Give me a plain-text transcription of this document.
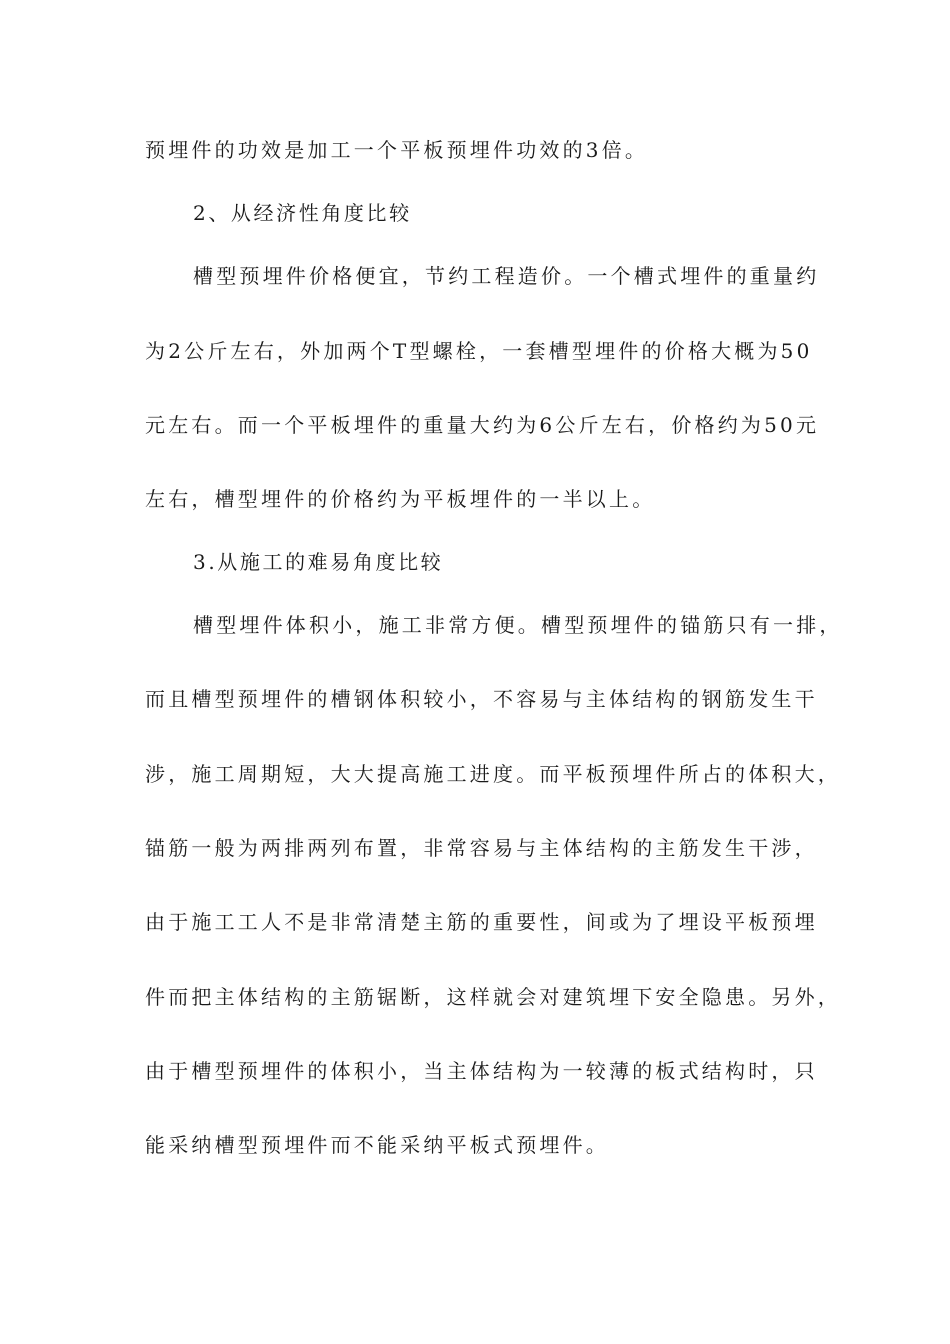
预埋件的功效是加工一个平板预埋件功效的3倍。
2、从经济性角度比较
槽型预埋件价格便宜，节约工程造价。一个槽式埋件的重量约
为2公斤左右，外加两个T型螺栓，一套槽型埋件的价格大概为50
元左右。而一个平板埋件的重量大约为6公斤左右，价格约为50元
左右，槽型埋件的价格约为平板埋件的一半以上。
3.从施工的难易角度比较
槽型埋件体积小，施工非常方便。槽型预埋件的锚筋只有一排，
而且槽型预埋件的槽钢体积较小，不容易与主体结构的钢筋发生干
涉，施工周期短，大大提高施工进度。而平板预埋件所占的体积大，
锚筋一般为两排两列布置，非常容易与主体结构的主筋发生干涉，
由于施工工人不是非常清楚主筋的重要性，间或为了埋设平板预埋
件而把主体结构的主筋锯断，这样就会对建筑埋下安全隐患。另外，
由于槽型预埋件的体积小，当主体结构为一较薄的板式结构时，只
能采纳槽型预埋件而不能采纳平板式预埋件。
